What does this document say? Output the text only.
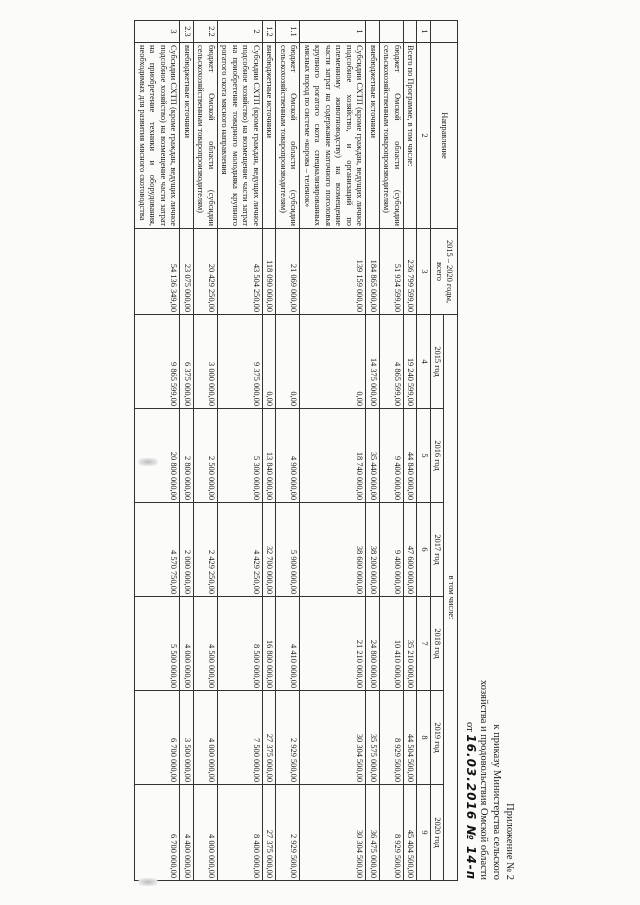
Приложение № 2
к приказу Министерства сельского
хозяйства и продовольствия Омской области
от 16.03.2016 № 14-п
	Направление	2015 – 2020 годы, всего	в том числе:					
			2015 год	2016 год	2017 год	2018 год	2019 год	2020 год
1	2	3	4	5	6	7	8	9
	Всего по Программе, в том числе:	236 799 599,00	19 240 599,00	44 840 000,00	47 600 000,00	35 210 000,00	44 504 500,00	45 404 500,00
	бюджет Омской области (субсидии сельскохозяйственным товаропроизводителям)	51 934 599,00	4 865 599,00	9 400 000,00	9 400 000,00	10 410 000,00	8 929 500,00	8 929 500,00
	внебюджетные источники	184 865 000,00	14 375 000,00	35 440 000,00	38 200 000,00	24 800 000,00	35 575 000,00	36 475 000,00
1	Субсидии СХТП (кроме граждан, ведущих личное подсобное хозяйство, и организаций по племенному животноводству) на возмещение части затрат на содержание маточного поголовья крупного рогатого скота специализированных мясных пород по системе «корова – теленок»	139 159 000,00	0,00	18 740 000,00	38 600 000,00	21 210 000,00	30 304 500,00	30 304 500,00
1.1	бюджет Омской области (субсидии сельскохозяйственным товаропроизводителям)	21 069 000,00	0,00	4 900 000,00	5 900 000,00	4 410 000,00	2 929 500,00	2 929 500,00
1.2	внебюджетные источники	118 090 000,00	0,00	13 840 000,00	32 700 000,00	16 800 000,00	27 375 000,00	27 375 000,00
2	Субсидии СХТП (кроме граждан, ведущих личное подсобное хозяйство) на возмещение части затрат на приобретение товарного молодняка крупного рогатого скота мясного направления	43 504 250,00	9 375 000,00	5 300 000,00	4 429 250,00	8 500 000,00	7 500 000,00	8 400 000,00
2.2	бюджет Омской области (субсидии сельскохозяйственным товаропроизводителям)	20 429 250,00	3 000 000,00	2 500 000,00	2 429 250,00	4 500 000,00	4 000 000,00	4 000 000,00
2.3	внебюджетные источники	23 075 000,00	6 375 000,00	2 800 000,00	2 000 000,00	4 000 000,00	3 500 000,00	4 400 000,00
3	Субсидии СХТП (кроме граждан, ведущих личное подсобное хозяйство) на возмещение части затрат на приобретение техники и оборудования, необходимых для развития мясного скотоводства	54 136 349,00	9 865 599,00	20 800 000,00	4 570 750,00	5 500 000,00	6 700 000,00	6 700 000,00
